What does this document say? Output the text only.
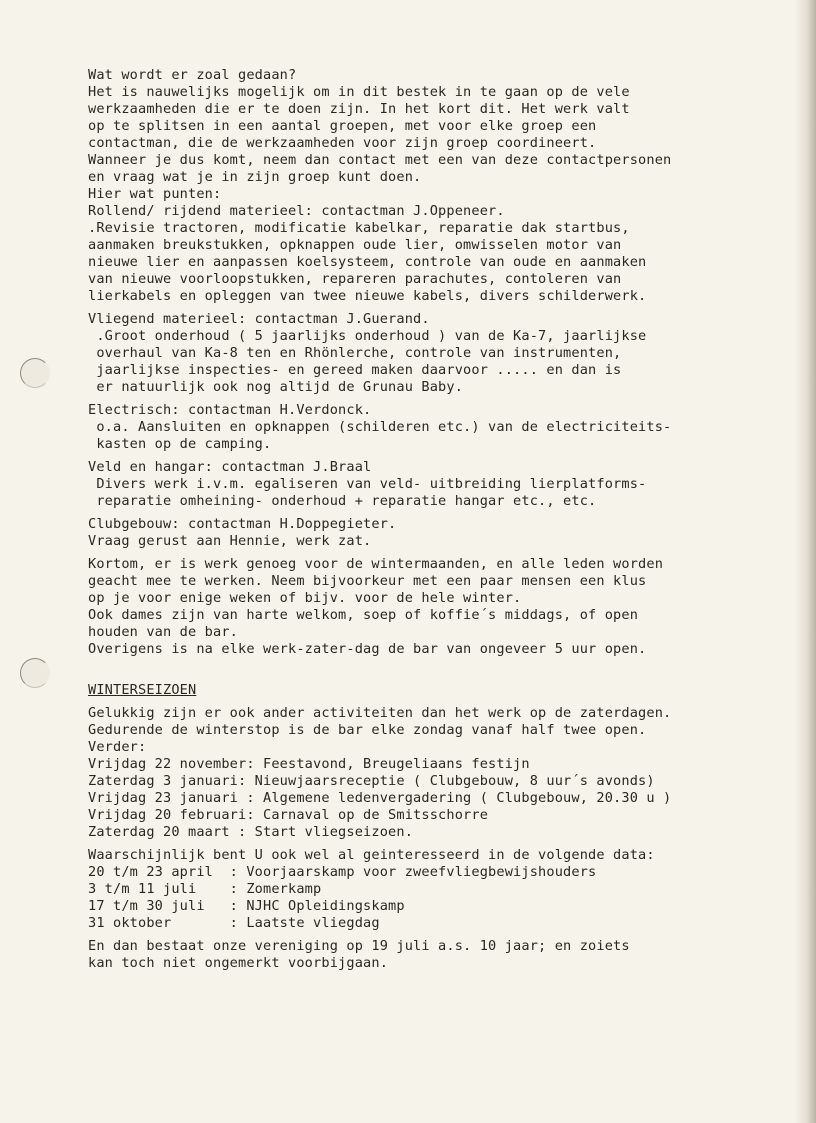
Wat wordt er zoal gedaan?
Het is nauwelijks mogelijk om in dit bestek in te gaan op de vele
werkzaamheden die er te doen zijn. In het kort dit. Het werk valt
op te splitsen in een aantal groepen, met voor elke groep een
contactman, die de werkzaamheden voor zijn groep coordineert.
Wanneer je dus komt, neem dan contact met een van deze contactpersonen
en vraag wat je in zijn groep kunt doen.
Hier wat punten:
Rollend/ rijdend materieel: contactman J.Oppeneer.
.Revisie tractoren, modificatie kabelkar, reparatie dak startbus,
aanmaken breukstukken, opknappen oude lier, omwisselen motor van
nieuwe lier en aanpassen koelsysteem, controle van oude en aanmaken
van nieuwe voorloopstukken, repareren parachutes, contoleren van
lierkabels en opleggen van twee nieuwe kabels, divers schilderwerk.
Vliegend materieel: contactman J.Guerand.
.Groot onderhoud ( 5 jaarlijks onderhoud ) van de Ka-7, jaarlijkse
overhaul van Ka-8 ten en Rhönlerche, controle van instrumenten,
jaarlijkse inspecties- en gereed maken daarvoor ..... en dan is
er natuurlijk ook nog altijd de Grunau Baby.
Electrisch: contactman H.Verdonck.
o.a. Aansluiten en opknappen (schilderen etc.) van de electriciteits-
kasten op de camping.
Veld en hangar: contactman J.Braal
Divers werk i.v.m. egaliseren van veld- uitbreiding lierplatforms-
reparatie omheining- onderhoud + reparatie hangar etc., etc.
Clubgebouw: contactman H.Doppegieter.
Vraag gerust aan Hennie, werk zat.
Kortom, er is werk genoeg voor de wintermaanden, en alle leden worden
geacht mee te werken. Neem bijvoorkeur met een paar mensen een klus
op je voor enige weken of bijv. voor de hele winter.
Ook dames zijn van harte welkom, soep of koffie´s middags, of open
houden van de bar.
Overigens is na elke werk-zater-dag de bar van ongeveer 5 uur open.
WINTERSEIZOEN
Gelukkig zijn er ook ander activiteiten dan het werk op de zaterdagen.
Gedurende de winterstop is de bar elke zondag vanaf half twee open.
Verder:
Vrijdag 22 november: Feestavond, Breugeliaans festijn
Zaterdag 3 januari: Nieuwjaarsreceptie ( Clubgebouw, 8 uur´s avonds)
Vrijdag 23 januari : Algemene ledenvergadering ( Clubgebouw, 20.30 u )
Vrijdag 20 februari: Carnaval op de Smitsschorre
Zaterdag 20 maart : Start vliegseizoen.
Waarschijnlijk bent U ook wel al geinteresseerd in de volgende data:
20 t/m 23 april  : Voorjaarskamp voor zweefvliegbewijshouders
3 t/m 11 juli    : Zomerkamp
17 t/m 30 juli   : NJHC Opleidingskamp
31 oktober       : Laatste vliegdag
En dan bestaat onze vereniging op 19 juli a.s. 10 jaar; en zoiets
kan toch niet ongemerkt voorbijgaan.
